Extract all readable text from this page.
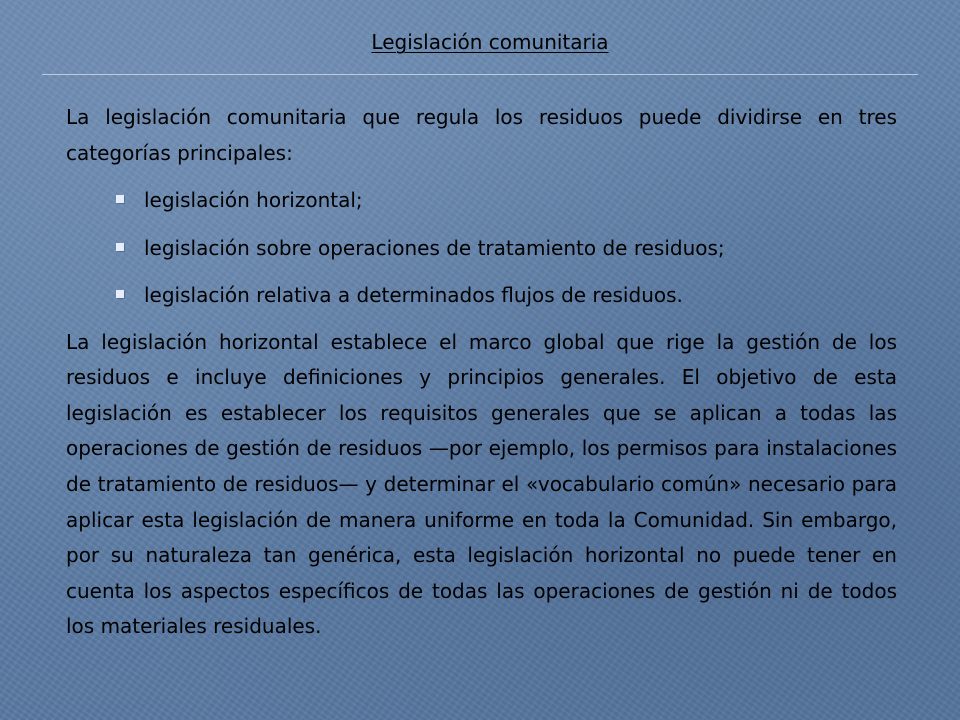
Legislación comunitaria

La legislación comunitaria que regula los residuos puede dividirse en tres categorías principales:

legislación horizontal;
legislación sobre operaciones de tratamiento de residuos;
legislación relativa a determinados flujos de residuos.

La legislación horizontal establece el marco global que rige la gestión de los residuos e incluye definiciones y principios generales. El objetivo de esta legislación es establecer los requisitos generales que se aplican a todas las operaciones de gestión de residuos —por ejemplo, los permisos para instalaciones de tratamiento de residuos— y determinar el «vocabulario común» necesario para aplicar esta legislación de manera uniforme en toda la Comunidad. Sin embargo, por su naturaleza tan genérica, esta legislación horizontal no puede tener en cuenta los aspectos específicos de todas las operaciones de gestión ni de todos los materiales residuales.
